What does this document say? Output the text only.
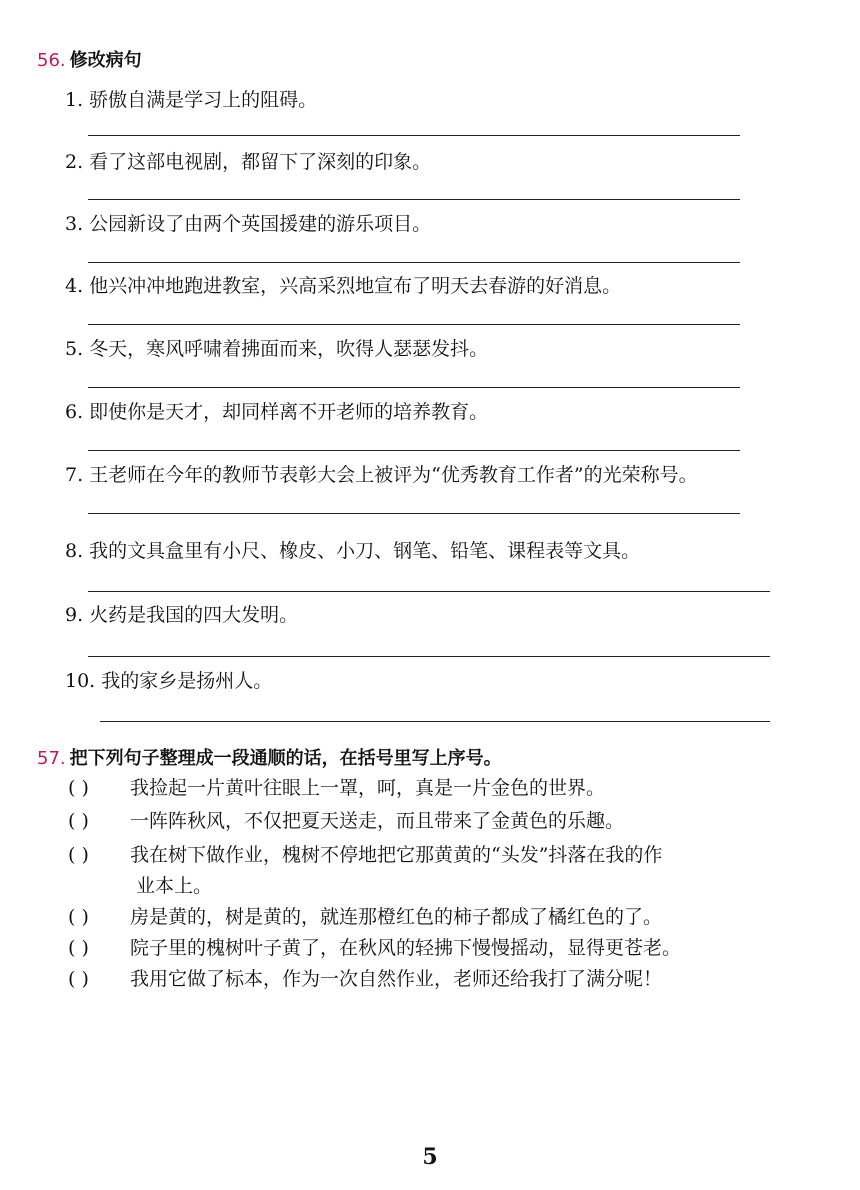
56. 修改病句
1. 骄傲自满是学习上的阻碍。
2. 看了这部电视剧，都留下了深刻的印象。
3. 公园新设了由两个英国援建的游乐项目。
4. 他兴冲冲地跑进教室，兴高采烈地宣布了明天去春游的好消息。
5. 冬天，寒风呼啸着拂面而来，吹得人瑟瑟发抖。
6. 即使你是天才，却同样离不开老师的培养教育。
7. 王老师在今年的教师节表彰大会上被评为“优秀教育工作者”的光荣称号。
8. 我的文具盒里有小尺、橡皮、小刀、钢笔、铅笔、课程表等文具。
9. 火药是我国的四大发明。
10. 我的家乡是扬州人。
57. 把下列句子整理成一段通顺的话，在括号里写上序号。
( ) 我捡起一片黄叶往眼上一罩，呵，真是一片金色的世界。
( ) 一阵阵秋风，不仅把夏天送走，而且带来了金黄色的乐趣。
( ) 我在树下做作业，槐树不停地把它那黄黄的“头发”抖落在我的作
业本上。
( ) 房是黄的，树是黄的，就连那橙红色的柿子都成了橘红色的了。
( ) 院子里的槐树叶子黄了，在秋风的轻拂下慢慢摇动，显得更苍老。
( ) 我用它做了标本，作为一次自然作业，老师还给我打了满分呢！
5
